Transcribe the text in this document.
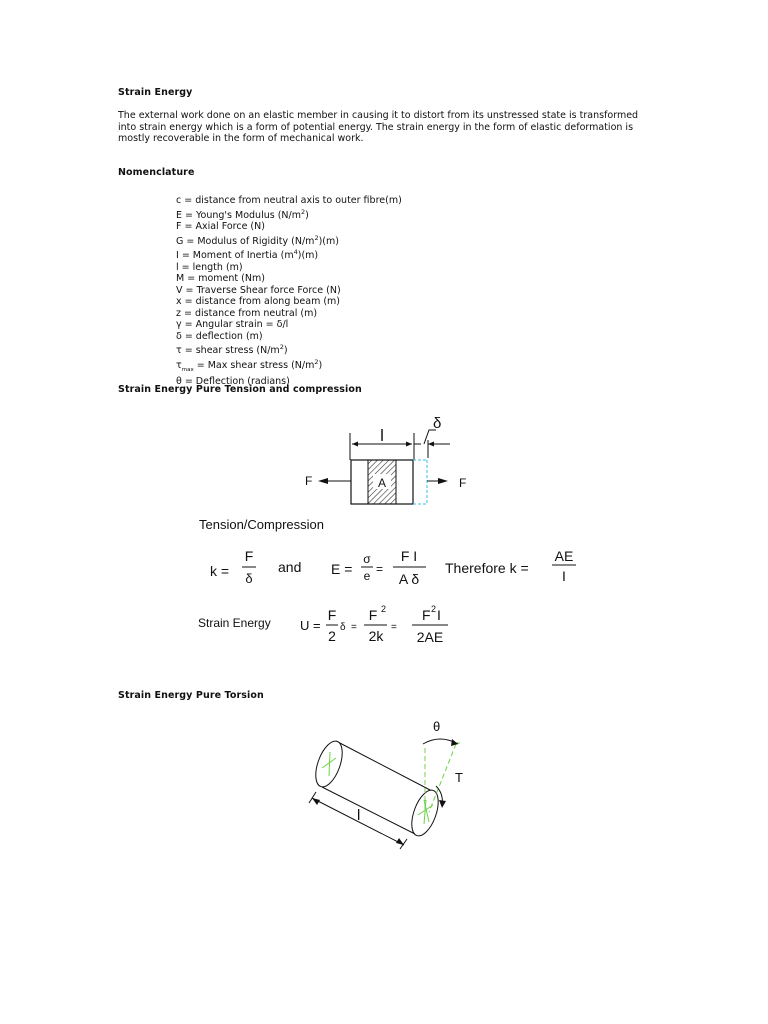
Strain Energy
The external work done on an elastic member in causing it to distort from its unstressed state is transformed into strain energy which is a form of potential energy. The strain energy in the form of elastic deformation is mostly recoverable in the form of mechanical work.
Nomenclature
c = distance from neutral axis to outer fibre(m)
E = Young's Modulus $(N/m^2)$
F = Axial Force (N)
G = Modulus of Rigidity $(N/m^2)(m)$
I = Moment of Inertia $(m^4)(m)$
l = length (m)
M = moment (Nm)
V = Traverse Shear force Force (N)
x = distance from along beam (m)
z = distance from neutral (m)
γ = Angular strain = δ/l
δ = deflection (m)
τ = shear stress $(N/m^2)$
$\tau_{max}$ = Max shear stress $(N/m^2)$
θ = Deflection (radians)
Strain Energy Pure Tension and compression
l
δ
A
F	F
Tension/Compression
k =
F
δ
and E =
σ
e =
F I
A δ
Therefore k =
AE
I
Strain Energy U =
F
2
δ =
F 2
2k
=
F 2 I
2AE
Strain Energy Pure Torsion
θ
T
l
